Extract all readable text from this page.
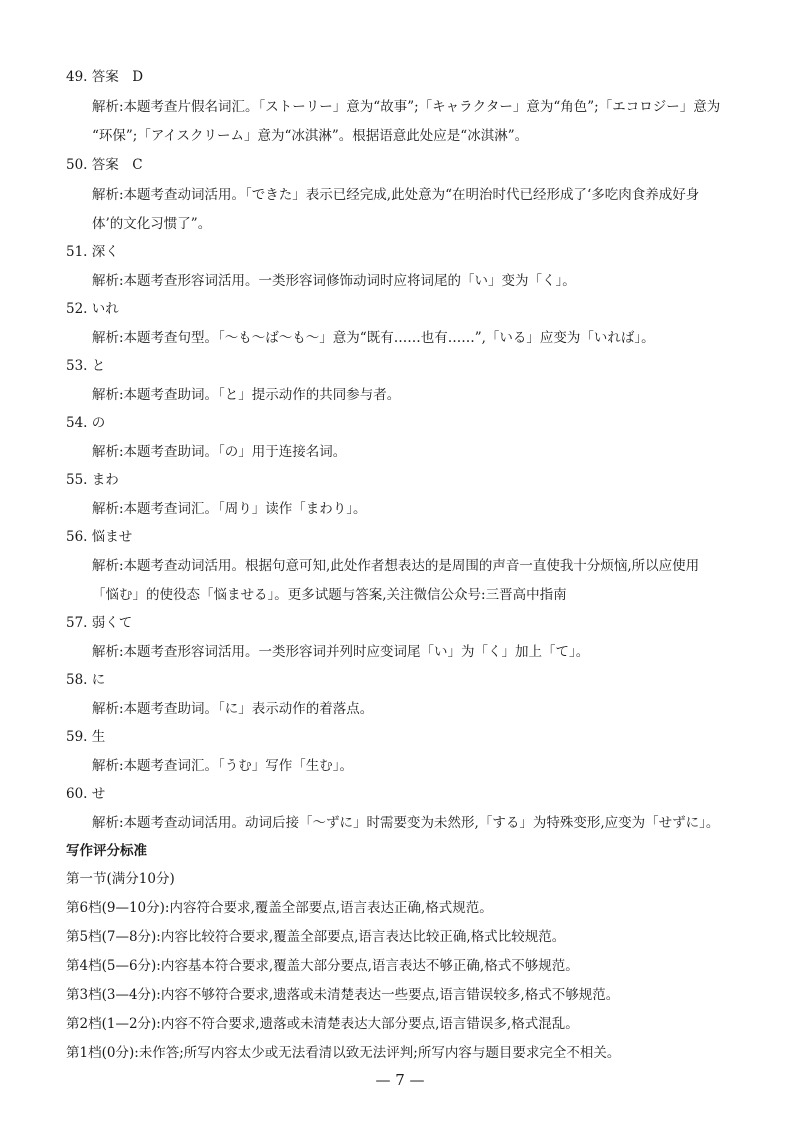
49. 答案　D
解析:本题考查片假名词汇。「ストーリー」意为“故事”;「キャラクター」意为“角色”;「エコロジー」意为
“环保”;「アイスクリーム」意为“冰淇淋”。根据语意此处应是“冰淇淋”。
50. 答案　C
解析:本题考查动词活用。「できた」表示已经完成,此处意为“在明治时代已经形成了‘多吃肉食养成好身
体’的文化习惯了”。
51. 深く
解析:本题考查形容词活用。一类形容词修饰动词时应将词尾的「い」变为「く」。
52. いれ
解析:本题考查句型。「～も～ば～も～」意为“既有……也有……”,「いる」应变为「いれば」。
53. と
解析:本题考查助词。「と」提示动作的共同参与者。
54. の
解析:本题考查助词。「の」用于连接名词。
55. まわ
解析:本题考查词汇。「周り」读作「まわり」。
56. 悩ませ
解析:本题考查动词活用。根据句意可知,此处作者想表达的是周围的声音一直使我十分烦恼,所以应使用
「悩む」的使役态「悩ませる」。更多试题与答案,关注微信公众号:三晋高中指南
57. 弱くて
解析:本题考查形容词活用。一类形容词并列时应变词尾「い」为「く」加上「て」。
58. に
解析:本题考查助词。「に」表示动作的着落点。
59. 生
解析:本题考查词汇。「うむ」写作「生む」。
60. せ
解析:本题考查动词活用。动词后接「～ずに」时需要变为未然形,「する」为特殊变形,应变为「せずに」。
写作评分标准
第一节(满分10分)
第6档(9—10分):内容符合要求,覆盖全部要点,语言表达正确,格式规范。
第5档(7—8分):内容比较符合要求,覆盖全部要点,语言表达比较正确,格式比较规范。
第4档(5—6分):内容基本符合要求,覆盖大部分要点,语言表达不够正确,格式不够规范。
第3档(3—4分):内容不够符合要求,遗落或未清楚表达一些要点,语言错误较多,格式不够规范。
第2档(1—2分):内容不符合要求,遗落或未清楚表达大部分要点,语言错误多,格式混乱。
第1档(0分):未作答;所写内容太少或无法看清以致无法评判;所写内容与题目要求完全不相关。
— 7 —
